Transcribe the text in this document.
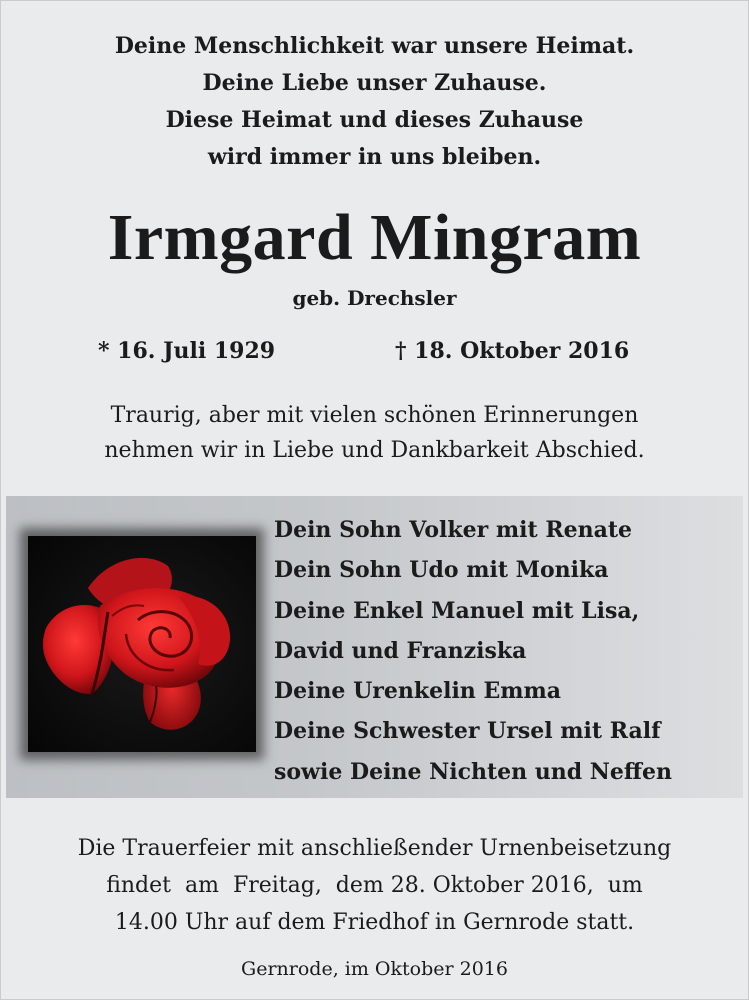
Deine Menschlichkeit war unsere Heimat.
Deine Liebe unser Zuhause.
Diese Heimat und dieses Zuhause
wird immer in uns bleiben.
Irmgard Mingram
geb. Drechsler
* 16. Juli 1929	† 18. Oktober 2016
Traurig, aber mit vielen schönen Erinnerungen
nehmen wir in Liebe und Dankbarkeit Abschied.
Dein Sohn Volker mit Renate
Dein Sohn Udo mit Monika
Deine Enkel Manuel mit Lisa,
David und Franziska
Deine Urenkelin Emma
Deine Schwester Ursel mit Ralf
sowie Deine Nichten und Neffen
Die Trauerfeier mit anschließender Urnenbeisetzung
findet  am  Freitag,  dem 28. Oktober 2016,  um
14.00 Uhr auf dem Friedhof in Gernrode statt.
Gernrode, im Oktober 2016
